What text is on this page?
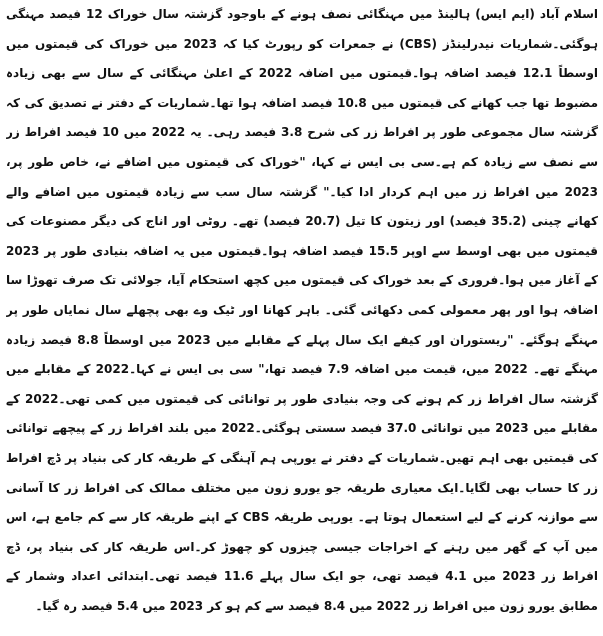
اسلام آباد (ایم ایس) ہالینڈ میں مہنگائی نصف ہونے کے باوجود گزشتہ سال خوراک 12 فیصد مہنگی ہوگئی۔شماریات نیدرلینڈز (CBS) نے جمعرات کو رپورٹ کیا کہ 2023 میں خوراک کی قیمتوں میں اوسطاً 12.1 فیصد اضافہ ہوا۔قیمتوں میں اضافہ 2022 کے اعلیٰ مہنگائی کے سال سے بھی زیادہ مضبوط تھا جب کھانے کی قیمتوں میں 10.8 فیصد اضافہ ہوا تھا۔شماریات کے دفتر نے تصدیق کی کہ گزشتہ سال مجموعی طور پر افراط زر کی شرح 3.8 فیصد رہی۔ یہ 2022 میں 10 فیصد افراط زر سے نصف سے زیادہ کم ہے۔سی بی ایس نے کہا، "خوراک کی قیمتوں میں اضافے نے، خاص طور پر، 2023 میں افراط زر میں اہم کردار ادا کیا۔" گزشتہ سال سب سے زیادہ قیمتوں میں اضافے والے کھانے چینی (35.2 فیصد) اور زیتون کا تیل (20.7 فیصد) تھے۔ روٹی اور اناج کی دیگر مصنوعات کی قیمتوں میں بھی اوسط سے اوپر 15.5 فیصد اضافہ ہوا۔قیمتوں میں یہ اضافہ بنیادی طور پر 2023 کے آغاز میں ہوا۔فروری کے بعد خوراک کی قیمتوں میں کچھ استحکام آیا، جولائی تک صرف تھوڑا سا اضافہ ہوا اور پھر معمولی کمی دکھائی گئی۔ باہر کھانا اور ٹیک وے بھی پچھلے سال نمایاں طور پر مہنگے ہوگئے۔ "ریستوران اور کیفے ایک سال پہلے کے مقابلے میں 2023 میں اوسطاً 8.8 فیصد زیادہ مہنگے تھے۔ 2022 میں، قیمت میں اضافہ 7.9 فیصد تھا،" سی بی ایس نے کہا۔2022 کے مقابلے میں گزشتہ سال افراط زر کم ہونے کی وجہ بنیادی طور پر توانائی کی قیمتوں میں کمی تھی۔2022 کے مقابلے میں 2023 میں توانائی 37.0 فیصد سستی ہوگئی۔2022 میں بلند افراط زر کے پیچھے توانائی کی قیمتیں بھی اہم تھیں۔شماریات کے دفتر نے یورپی ہم آہنگی کے طریقہ کار کی بنیاد پر ڈچ افراط زر کا حساب بھی لگایا۔ایک معیاری طریقہ جو یورو زون میں مختلف ممالک کی افراط زر کا آسانی سے موازنہ کرنے کے لیے استعمال ہوتا ہے۔ یورپی طریقہ CBS کے اپنے طریقہ کار سے کم جامع ہے، اس میں آپ کے گھر میں رہنے کے اخراجات جیسی چیزوں کو چھوڑ کر۔اس طریقہ کار کی بنیاد پر، ڈچ افراط زر 2023 میں 4.1 فیصد تھی، جو ایک سال پہلے 11.6 فیصد تھی۔ابتدائی اعداد وشمار کے مطابق یورو زون میں افراط زر 2022 میں 8.4 فیصد سے کم ہو کر 2023 میں 5.4 فیصد رہ گیا۔
